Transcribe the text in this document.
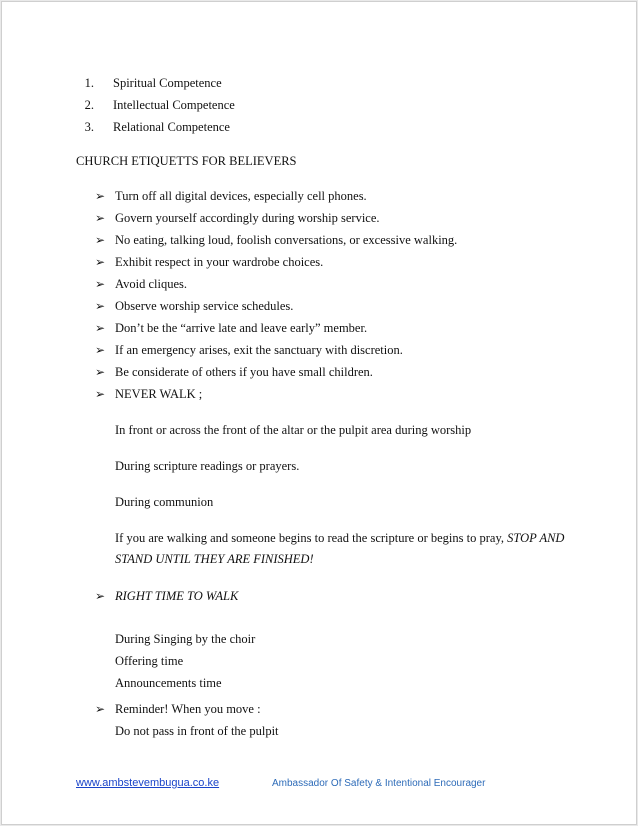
1. Spiritual Competence
2. Intellectual Competence
3. Relational Competence
CHURCH ETIQUETTS FOR BELIEVERS
➢ Turn off all digital devices, especially cell phones.
➢ Govern yourself accordingly during worship service.
➢ No eating, talking loud, foolish conversations, or excessive walking.
➢ Exhibit respect in your wardrobe choices.
➢ Avoid cliques.
➢ Observe worship service schedules.
➢ Don’t be the “arrive late and leave early” member.
➢ If an emergency arises, exit the sanctuary with discretion.
➢ Be considerate of others if you have small children.
➢ NEVER WALK ;
In front or across the front of the altar or the pulpit area during worship
During scripture readings or prayers.
During communion
If you are walking and someone begins to read the scripture or begins to pray, STOP AND
STAND UNTIL THEY ARE FINISHED!
➢ RIGHT TIME TO WALK
During Singing by the choir
Offering time
Announcements time
➢ Reminder! When you move :
Do not pass in front of the pulpit
www.ambstevembugua.co.ke	Ambassador Of Safety & Intentional Encourager
